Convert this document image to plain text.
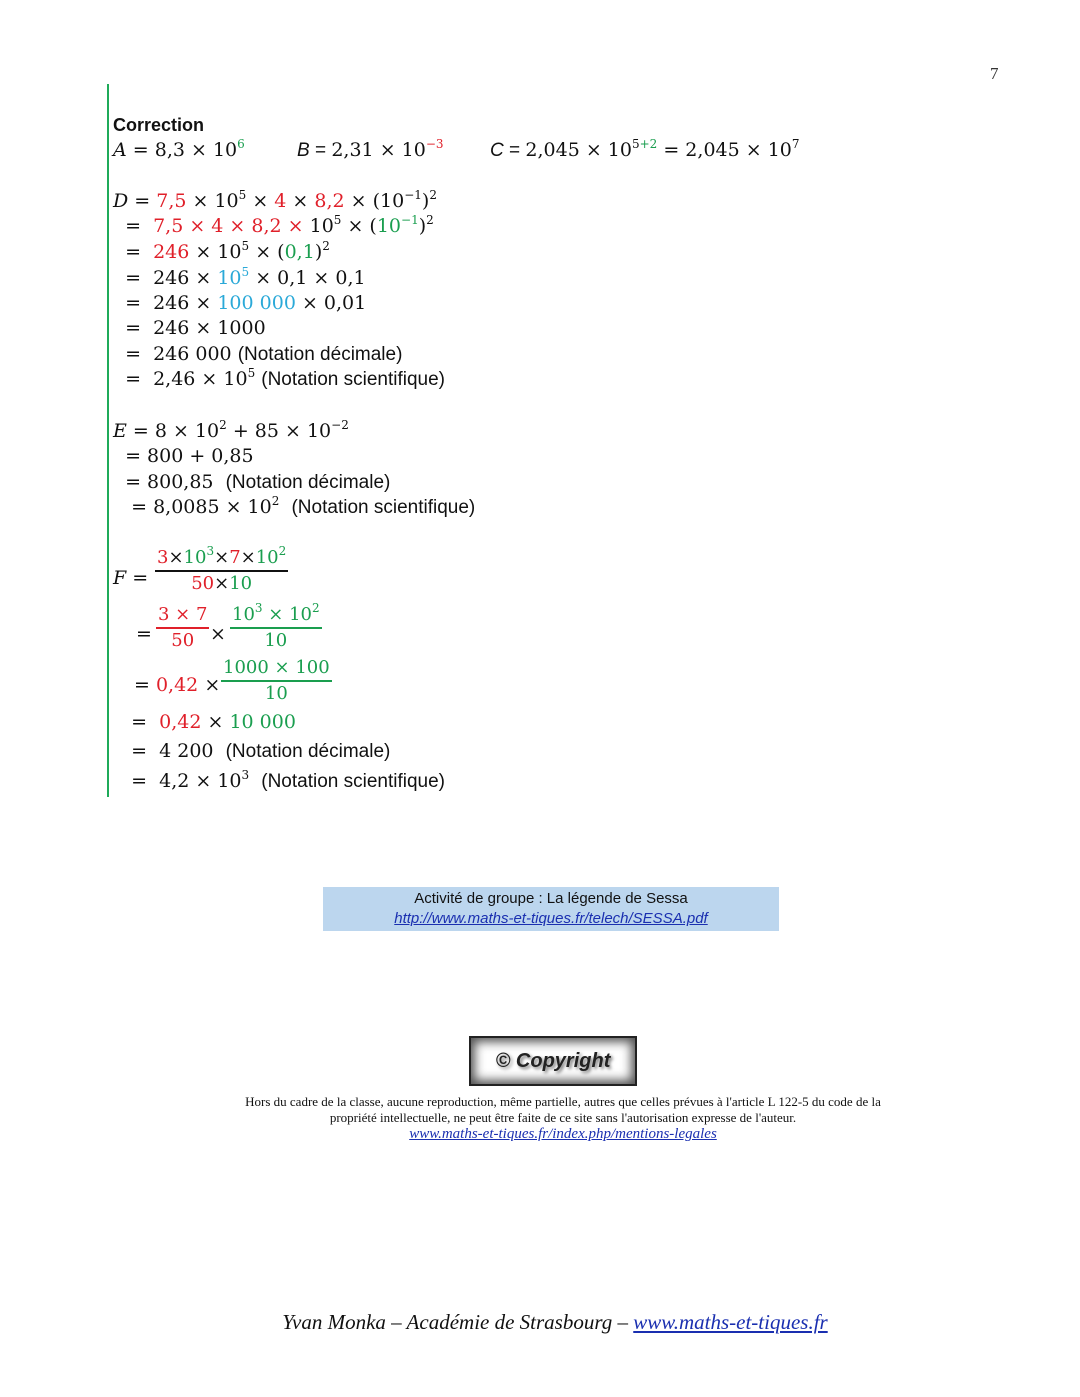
7
Correction
$A = 8,3 \times 10^6$	$B = 2,31 \times 10^{-3}$ $C = 2,045 \times 10^{5+2} = 2,045 \times 10^7$
$D = 7,5 \times 10^5 \times 4 \times 8,2 \times (10^{-1})^2$
=  $7,5 \times 4 \times 8,2 \times 10^5 \times (10^{-1})^2$
=  $246 \times 10^5 \times (0,1)^2$
=  $246 \times 10^5 \times 0,1 \times 0,1$
=  246 × 100 000 × 0,01
=  246 × 1000
=  246 000 (Notation décimale)
=  $2,46 \times 10^5$ (Notation scientifique)
$E = 8 \times 10^2 + 85 \times 10^{-2}$
= 800 + 0,85
= 800,85  (Notation décimale)
= $8,0085 \times 10^2$ (Notation scientifique)
$F = \frac{3\times 10^3\times 7\times 10^2}{50\times 10}$
= $\frac{3 \times 7}{50} \times \frac{10^3 \times 10^2}{10}$
= $0,42 \times \frac{1000 \times 100}{10}$
=  0,42 × 10 000
=  4 200  (Notation décimale)
=  $4,2 \times 10^3$ (Notation scientifique)
Activité de groupe : La légende de Sessa
http://www.maths-et-tiques.fr/telech/SESSA.pdf
© Copyright
Hors du cadre de la classe, aucune reproduction, même partielle, autres que celles prévues à l'article L 122-5 du code de la propriété intellectuelle, ne peut être faite de ce site sans l'autorisation expresse de l'auteur.
www.maths-et-tiques.fr/index.php/mentions-legales
Yvan Monka – Académie de Strasbourg – www.maths-et-tiques.fr
